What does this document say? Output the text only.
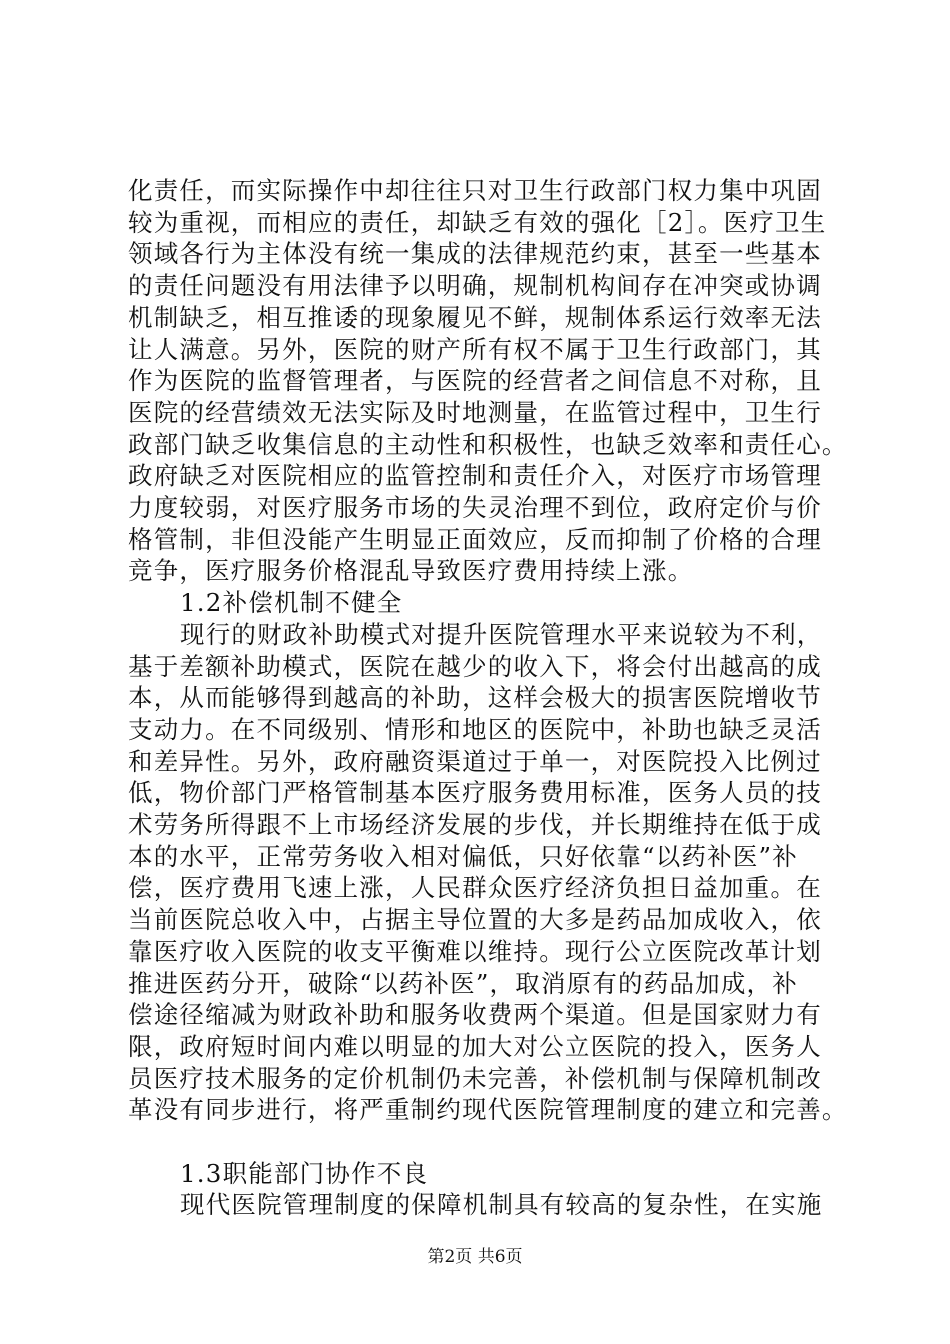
化责任，而实际操作中却往往只对卫生行政部门权力集中巩固
较为重视，而相应的责任，却缺乏有效的强化［2］。医疗卫生
领域各行为主体没有统一集成的法律规范约束，甚至一些基本
的责任问题没有用法律予以明确，规制机构间存在冲突或协调
机制缺乏，相互推诿的现象履见不鲜，规制体系运行效率无法
让人满意。另外，医院的财产所有权不属于卫生行政部门，其
作为医院的监督管理者，与医院的经营者之间信息不对称，且
医院的经营绩效无法实际及时地测量，在监管过程中，卫生行
政部门缺乏收集信息的主动性和积极性，也缺乏效率和责任心。
政府缺乏对医院相应的监管控制和责任介入，对医疗市场管理
力度较弱，对医疗服务市场的失灵治理不到位，政府定价与价
格管制，非但没能产生明显正面效应，反而抑制了价格的合理
竞争，医疗服务价格混乱导致医疗费用持续上涨。
1.2补偿机制不健全
现行的财政补助模式对提升医院管理水平来说较为不利，
基于差额补助模式，医院在越少的收入下，将会付出越高的成
本，从而能够得到越高的补助，这样会极大的损害医院增收节
支动力。在不同级别、情形和地区的医院中，补助也缺乏灵活
和差异性。另外，政府融资渠道过于单一，对医院投入比例过
低，物价部门严格管制基本医疗服务费用标准，医务人员的技
术劳务所得跟不上市场经济发展的步伐，并长期维持在低于成
本的水平，正常劳务收入相对偏低，只好依靠“以药补医”补
偿，医疗费用飞速上涨，人民群众医疗经济负担日益加重。在
当前医院总收入中，占据主导位置的大多是药品加成收入，依
靠医疗收入医院的收支平衡难以维持。现行公立医院改革计划
推进医药分开，破除“以药补医”，取消原有的药品加成，补
偿途径缩减为财政补助和服务收费两个渠道。但是国家财力有
限，政府短时间内难以明显的加大对公立医院的投入，医务人
员医疗技术服务的定价机制仍未完善，补偿机制与保障机制改
革没有同步进行，将严重制约现代医院管理制度的建立和完善。
1.3职能部门协作不良
现代医院管理制度的保障机制具有较高的复杂性，在实施
第2页 共6页
